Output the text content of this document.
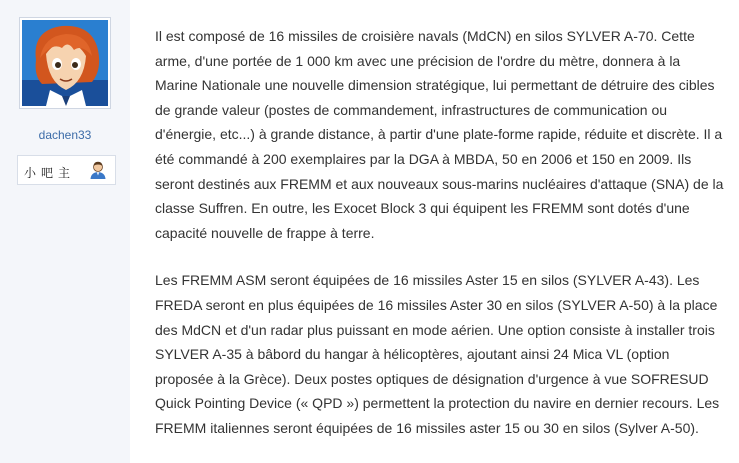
dachen33
小吧主

Il est composé de 16 missiles de croisière navals (MdCN) en silos SYLVER A-70. Cette arme, d'une portée de 1 000 km avec une précision de l'ordre du mètre, donnera à la Marine Nationale une nouvelle dimension stratégique, lui permettant de détruire des cibles de grande valeur (postes de commandement, infrastructures de communication ou d'énergie, etc...) à grande distance, à partir d'une plate-forme rapide, réduite et discrète. Il a été commandé à 200 exemplaires par la DGA à MBDA, 50 en 2006 et 150 en 2009. Ils seront destinés aux FREMM et aux nouveaux sous-marins nucléaires d'attaque (SNA) de la classe Suffren. En outre, les Exocet Block 3 qui équipent les FREMM sont dotés d'une capacité nouvelle de frappe à terre.

Les FREMM ASM seront équipées de 16 missiles Aster 15 en silos (SYLVER A-43). Les FREDA seront en plus équipées de 16 missiles Aster 30 en silos (SYLVER A-50) à la place des MdCN et d'un radar plus puissant en mode aérien. Une option consiste à installer trois SYLVER A-35 à bâbord du hangar à hélicoptères, ajoutant ainsi 24 Mica VL (option proposée à la Grèce). Deux postes optiques de désignation d'urgence à vue SOFRESUD Quick Pointing Device (« QPD ») permettent la protection du navire en dernier recours. Les FREMM italiennes seront équipées de 16 missiles aster 15 ou 30 en silos (Sylver A-50).
